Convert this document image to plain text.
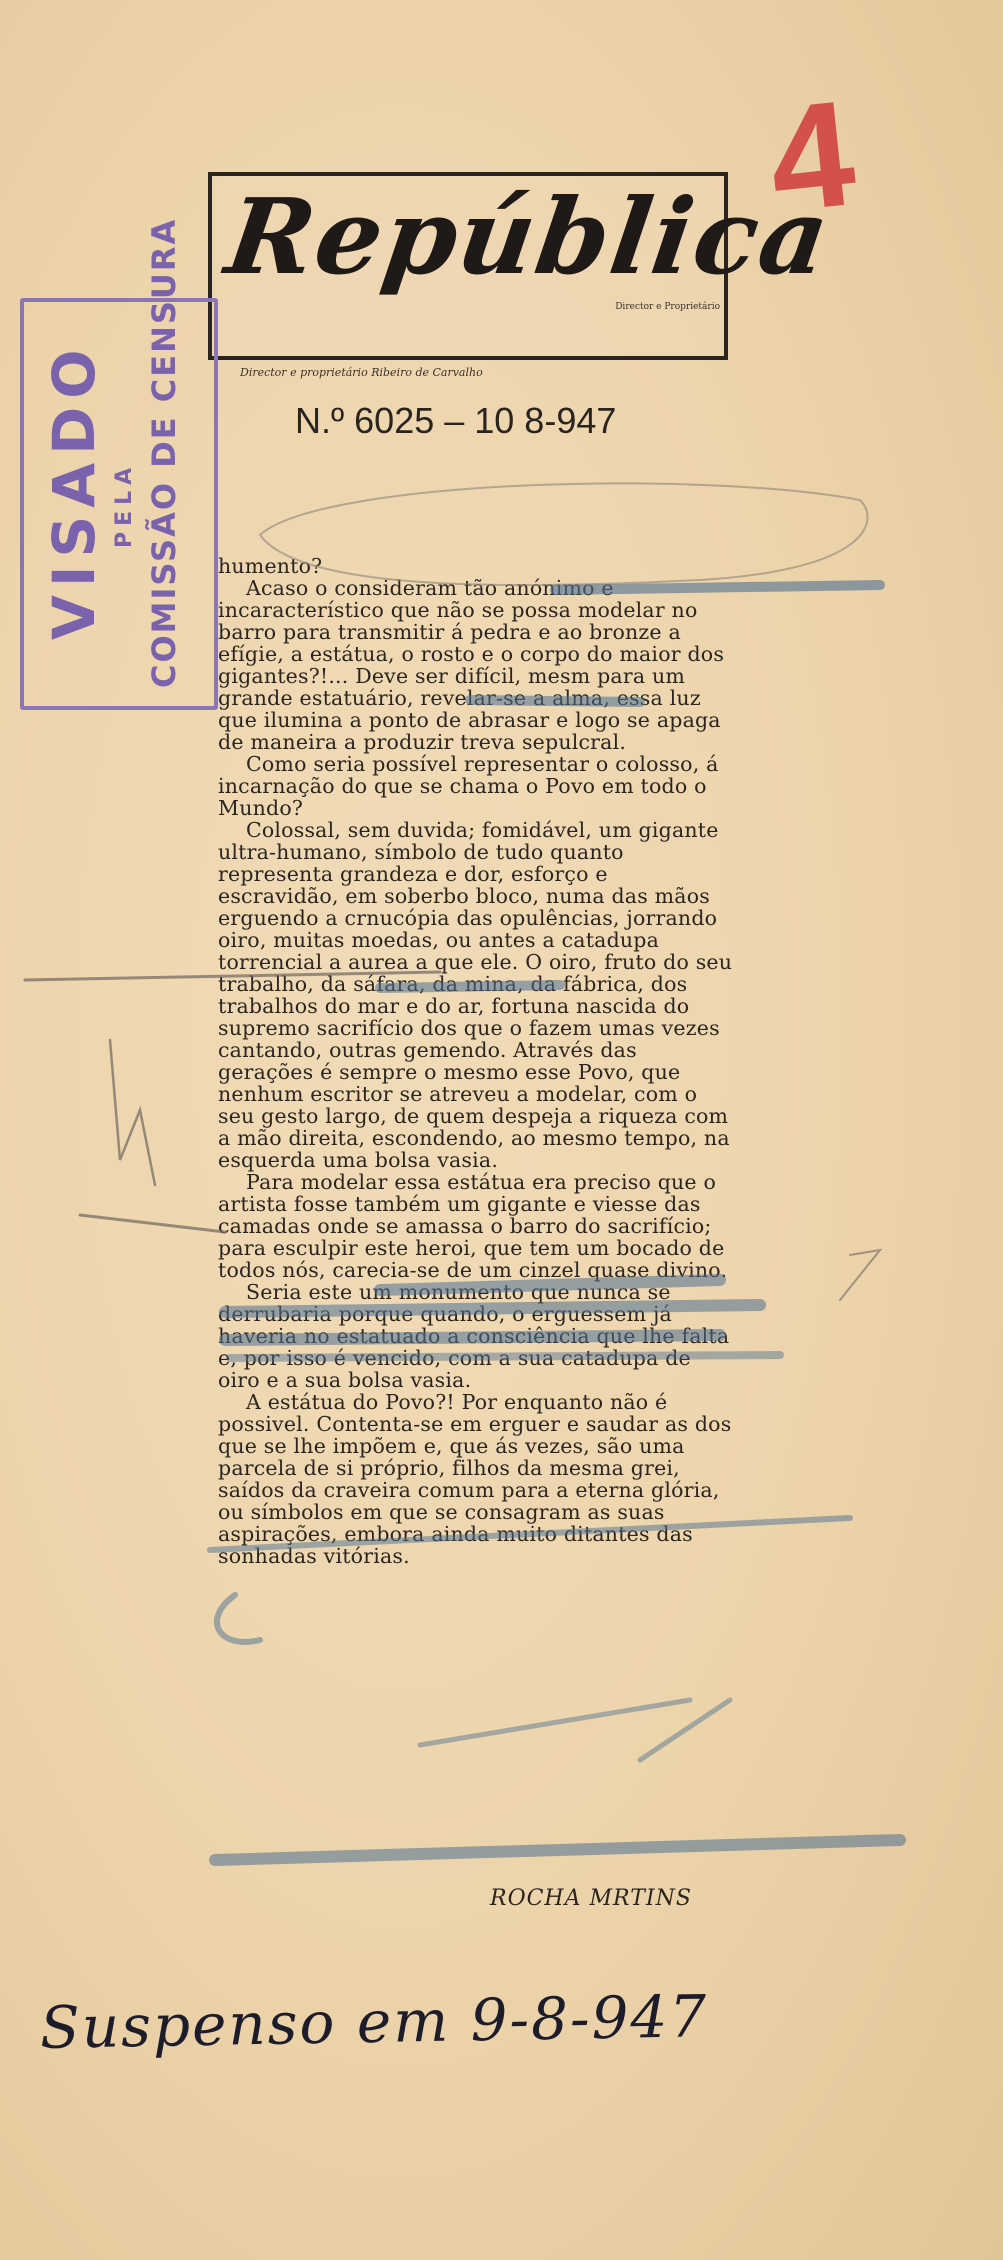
República
Director e Proprietário
Director e proprietário Ribeiro de Carvalho
N.º 6025 – 10 8-947
4
VISADO PELA COMISSÃO DE CENSURA humento?

Acaso o consideram tão anónimo e incaracterístico que não se possa modelar no barro para transmitir á pedra e ao bronze a efígie, a estátua, o rosto e o corpo do maior dos gigantes?!... Deve ser difícil, mesm para um grande estatuário, revelar-se a alma, essa luz que ilumina a ponto de abrasar e logo se apaga de maneira a produzir treva sepulcral.

Como seria possível representar o colosso, á incarnação do que se chama o Povo em todo o Mundo?

Colossal, sem duvida; fomidável, um gigante ultra-humano, símbolo de tudo quanto representa grandeza e dor, esforço e escravidão, em soberbo bloco, numa das mãos erguendo a crnucópia das opulências, jorrando oiro, muitas moedas, ou antes a catadupa torrencial a aurea a que ele. O oiro, fruto do seu trabalho, da sáfara, da mina, da fábrica, dos trabalhos do mar e do ar, fortuna nascida do supremo sacrifício dos que o fazem umas vezes cantando, outras gemendo. Através das gerações é sempre o mesmo esse Povo, que nenhum escritor se atreveu a modelar, com o seu gesto largo, de quem despeja a riqueza com a mão direita, escondendo, ao mesmo tempo, na esquerda uma bolsa vasia.

Para modelar essa estátua era preciso que o artista fosse também um gigante e viesse das camadas onde se amassa o barro do sacrifício; para esculpir este heroi, que tem um bocado de todos nós, carecia-se de um cinzel quase divino.

Seria este um monumento que nunca se derrubaria porque quando, o erguessem já haveria no estatuado a consciência que lhe falta e, por isso é vencido, com a sua catadupa de oiro e a sua bolsa vasia.

A estátua do Povo?! Por enquanto não é possivel. Contenta-se em erguer e saudar as dos que se lhe impõem e, que ás vezes, são uma parcela de si próprio, filhos da mesma grei, saídos da craveira comum para a eterna glória, ou símbolos em que se consagram as suas aspirações, embora ainda muito ditantes das sonhadas vitórias.

ROCHA MRTINS
Suspenso em 9-8-947
